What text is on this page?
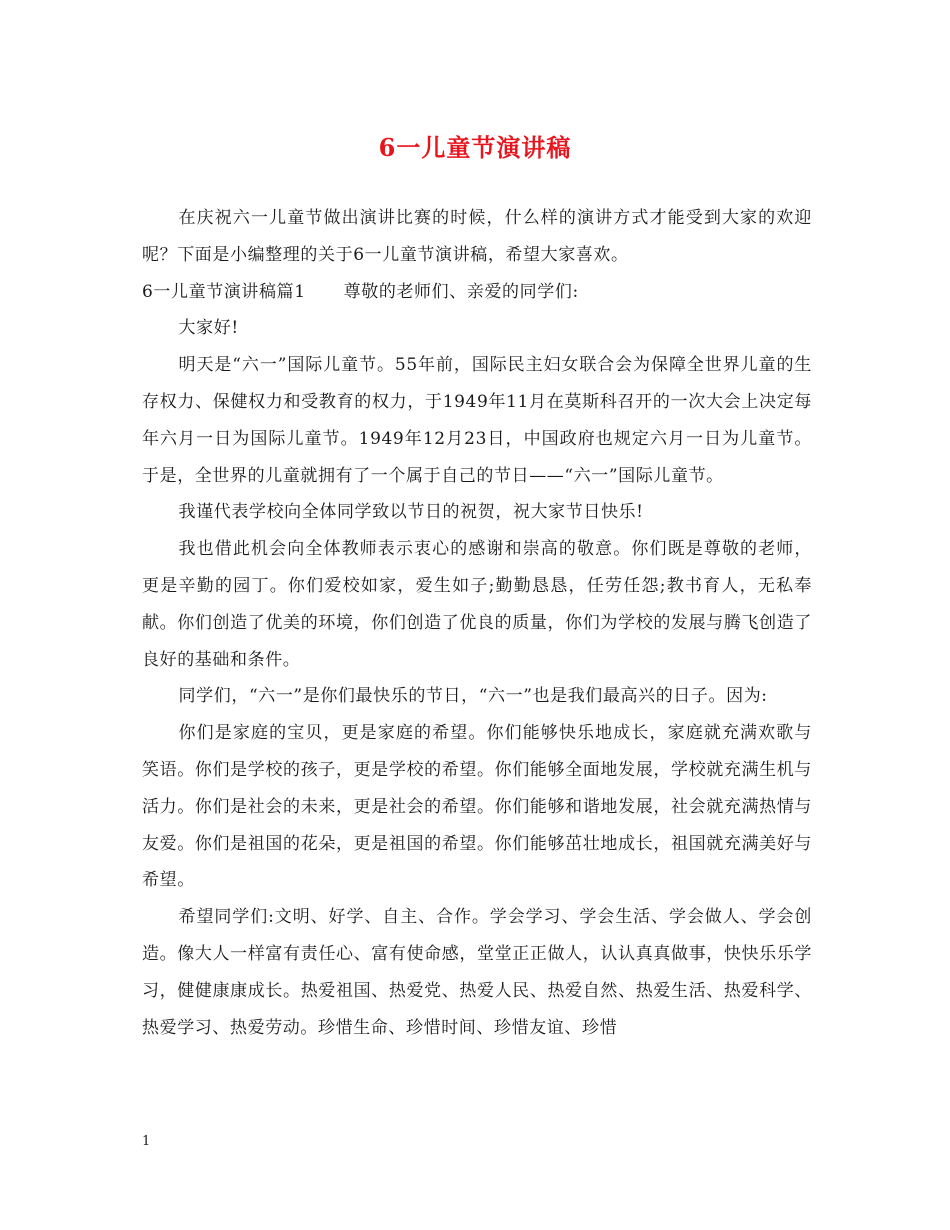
6一儿童节演讲稿

在庆祝六一儿童节做出演讲比赛的时候，什么样的演讲方式才能受到大家的欢迎呢？下面是小编整理的关于6一儿童节演讲稿，希望大家喜欢。

6一儿童节演讲稿篇1 尊敬的老师们、亲爱的同学们:

大家好!

明天是“六一”国际儿童节。55年前，国际民主妇女联合会为保障全世界儿童的生存权力、保健权力和受教育的权力，于1949年11月在莫斯科召开的一次大会上决定每年六月一日为国际儿童节。1949年12月23日，中国政府也规定六月一日为儿童节。于是，全世界的儿童就拥有了一个属于自己的节日——“六一”国际儿童节。

我谨代表学校向全体同学致以节日的祝贺，祝大家节日快乐!

我也借此机会向全体教师表示衷心的感谢和崇高的敬意。你们既是尊敬的老师，更是辛勤的园丁。你们爱校如家，爱生如子;勤勤恳恳，任劳任怨;教书育人，无私奉献。你们创造了优美的环境，你们创造了优良的质量，你们为学校的发展与腾飞创造了良好的基础和条件。

同学们，“六一”是你们最快乐的节日，“六一”也是我们最高兴的日子。因为:

你们是家庭的宝贝，更是家庭的希望。你们能够快乐地成长，家庭就充满欢歌与笑语。你们是学校的孩子，更是学校的希望。你们能够全面地发展，学校就充满生机与活力。你们是社会的未来，更是社会的希望。你们能够和谐地发展，社会就充满热情与友爱。你们是祖国的花朵，更是祖国的希望。你们能够茁壮地成长，祖国就充满美好与希望。

希望同学们:文明、好学、自主、合作。学会学习、学会生活、学会做人、学会创造。像大人一样富有责任心、富有使命感，堂堂正正做人，认认真真做事，快快乐乐学习，健健康康成长。热爱祖国、热爱党、热爱人民、热爱自然、热爱生活、热爱科学、热爱学习、热爱劳动。珍惜生命、珍惜时间、珍惜友谊、珍惜

1
